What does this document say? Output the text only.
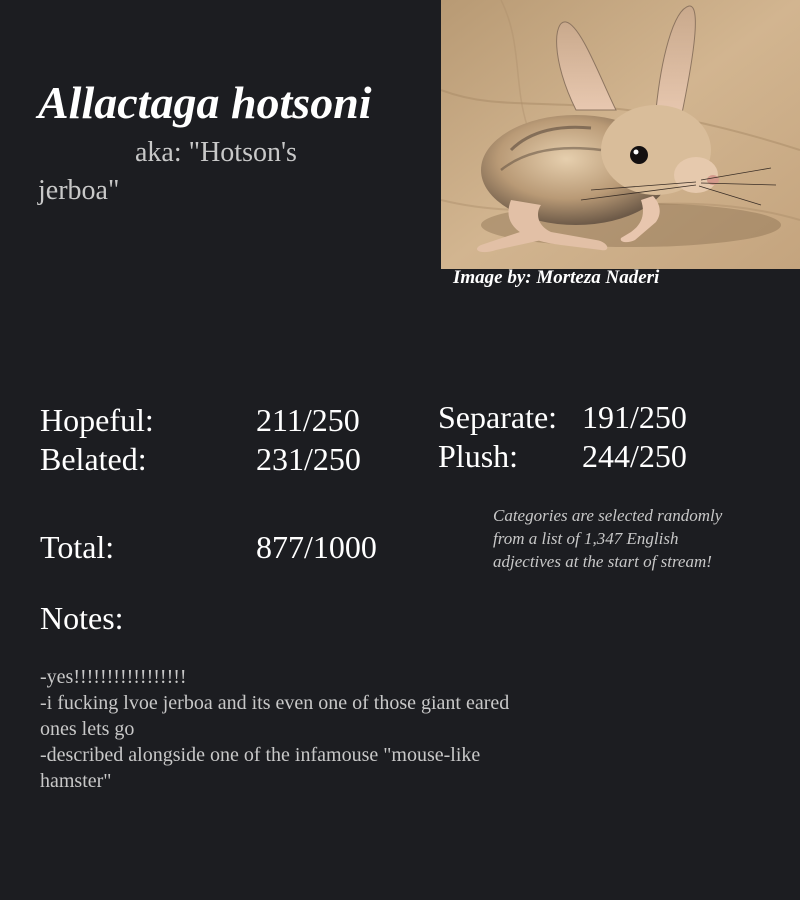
Allactaga hotsoni
aka: "Hotson's jerboa"
Image by: Morteza Naderi
Hopeful:	211/250
Belated:	231/250
Separate: 191/250
Plush: 244/250
Total:	877/1000
Categories are selected randomly from a list of 1,347 English adjectives at the start of stream!
Notes:
-yes!!!!!!!!!!!!!!!!!
-i fucking lvoe jerboa and its even one of those giant eared ones lets go
-described alongside one of the infamouse "mouse-like hamster"
